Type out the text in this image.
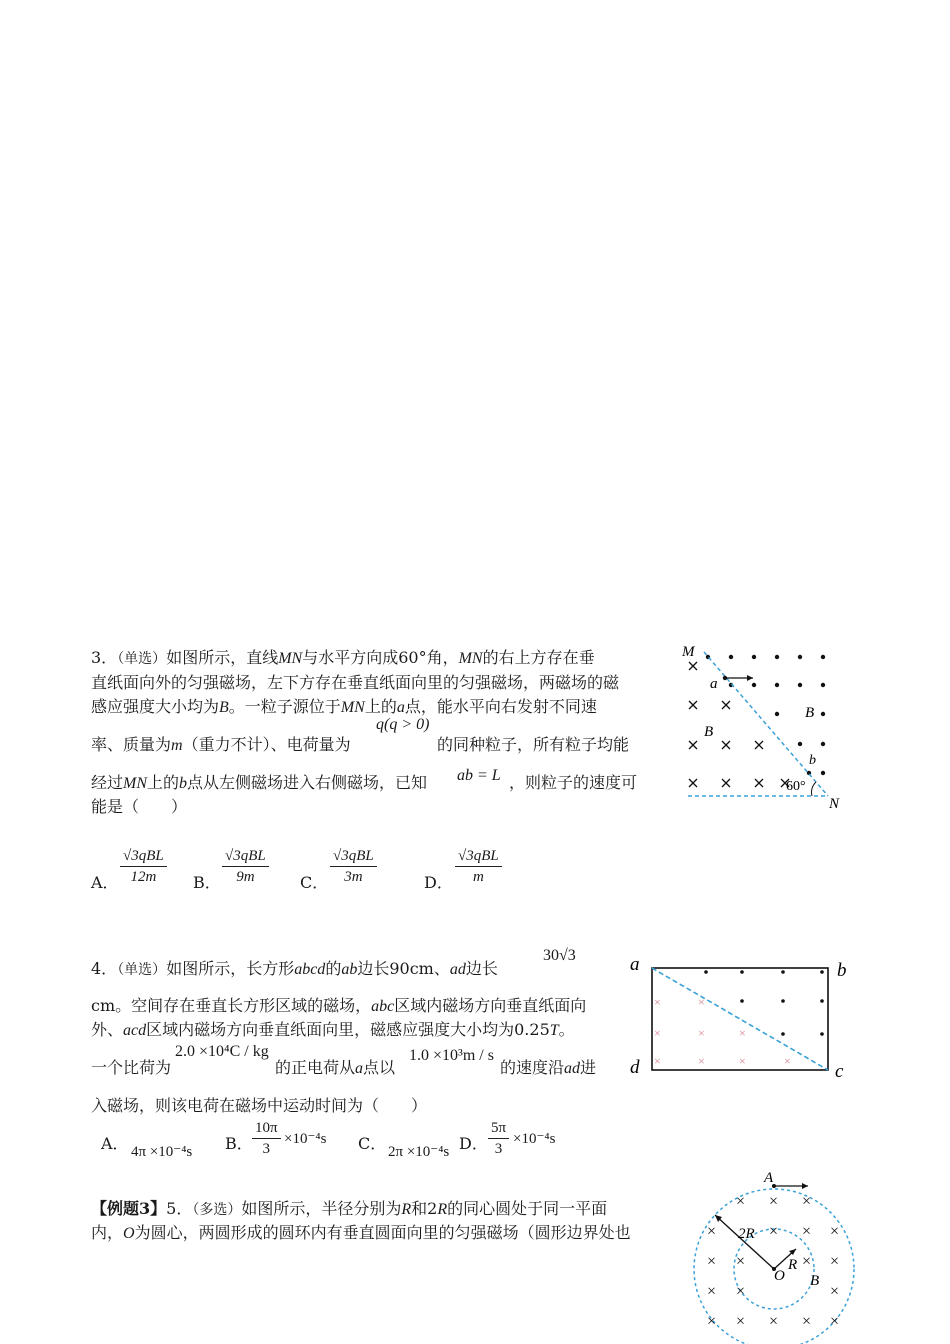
3．（单选）如图所示，直线MN与水平方向成60°角，MN的右上方存在垂
直纸面向外的匀强磁场，左下方存在垂直纸面向里的匀强磁场，两磁场的磁
感应强度大小均为B。一粒子源位于MN上的a点，能水平向右发射不同速
q(q > 0)
率、质量为m（重力不计）、电荷量为	的同种粒子，所有粒子均能
经过MN上的b点从左侧磁场进入右侧磁场，已知 ab = L ，则粒子的速度可
能是（　　）
A．
√3qBL
12m	B．
√3qBL
9m	C．
√3qBL
3m	D．
√3qBL
m
M
a
B
B
b
60°
N
4．（单选）如图所示，长方形abcd的ab边长90cm、ad边长
30√3
cm。空间存在垂直长方形区域的磁场，abc区域内磁场方向垂直纸面向
外、acd区域内磁场方向垂直纸面向里，磁感应强度大小均为0.25T。
一个比荷为
2.0 ×10⁴C / kg
的正电荷从a点以
1.0 ×10³m / s
的速度沿ad进
入磁场，则该电荷在磁场中运动时间为（　　）
A． 4π ×10⁻⁴s B． $\frac{10\pi}{3} \times 10^{-4}s$ C． 2π ×10⁻⁴s D． $\frac{5\pi}{3} \times 10^{-4}s$
×	×
×	×	×
×	×	×	×
a	b
c
d
【例题3】5．（多选）如图所示，半径分别为R和2R的同心圆处于同一平面
内，O为圆心，两圆形成的圆环内有垂直圆面向里的匀强磁场（圆形边界处也
× × ×
×	× × ×
×	×
× ×	×
× × × × ×
×	×
A
2R
R
O B
